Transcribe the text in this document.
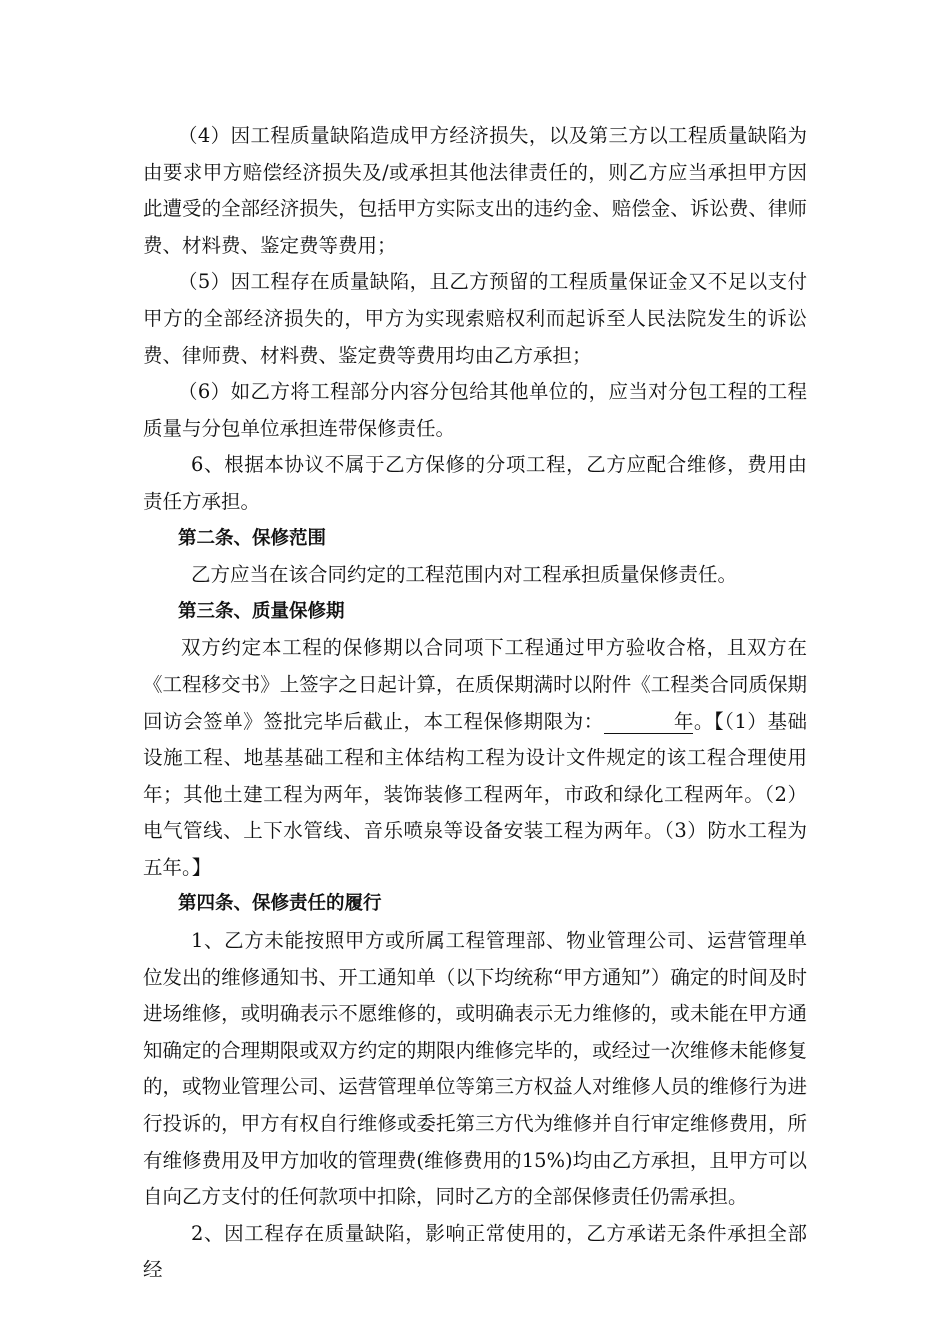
（4）因工程质量缺陷造成甲方经济损失，以及第三方以工程质量缺陷为由要求甲方赔偿经济损失及/或承担其他法律责任的，则乙方应当承担甲方因此遭受的全部经济损失，包括甲方实际支出的违约金、赔偿金、诉讼费、律师费、材料费、鉴定费等费用；

（5）因工程存在质量缺陷，且乙方预留的工程质量保证金又不足以支付甲方的全部经济损失的，甲方为实现索赔权利而起诉至人民法院发生的诉讼费、律师费、材料费、鉴定费等费用均由乙方承担；

（6）如乙方将工程部分内容分包给其他单位的，应当对分包工程的工程质量与分包单位承担连带保修责任。

6、根据本协议不属于乙方保修的分项工程，乙方应配合维修，费用由责任方承担。

第二条、保修范围

乙方应当在该合同约定的工程范围内对工程承担质量保修责任。

第三条、质量保修期

双方约定本工程的保修期以合同项下工程通过甲方验收合格，且双方在《工程移交书》上签字之日起计算，在质保期满时以附件《工程类合同质保期回访会签单》签批完毕后截止，本工程保修期限为：	年。【（1）基础设施工程、地基基础工程和主体结构工程为设计文件规定的该工程合理使用年；其他土建工程为两年，装饰装修工程两年，市政和绿化工程两年。（2）电气管线、上下水管线、音乐喷泉等设备安装工程为两年。（3）防水工程为五年。】

第四条、保修责任的履行

1、乙方未能按照甲方或所属工程管理部、物业管理公司、运营管理单位发出的维修通知书、开工通知单（以下均统称“甲方通知”）确定的时间及时进场维修，或明确表示不愿维修的，或明确表示无力维修的，或未能在甲方通知确定的合理期限或双方约定的期限内维修完毕的，或经过一次维修未能修复的，或物业管理公司、运营管理单位等第三方权益人对维修人员的维修行为进行投诉的，甲方有权自行维修或委托第三方代为维修并自行审定维修费用，所有维修费用及甲方加收的管理费(维修费用的15%)均由乙方承担，且甲方可以自向乙方支付的任何款项中扣除，同时乙方的全部保修责任仍需承担。

2、因工程存在质量缺陷，影响正常使用的，乙方承诺无条件承担全部经
